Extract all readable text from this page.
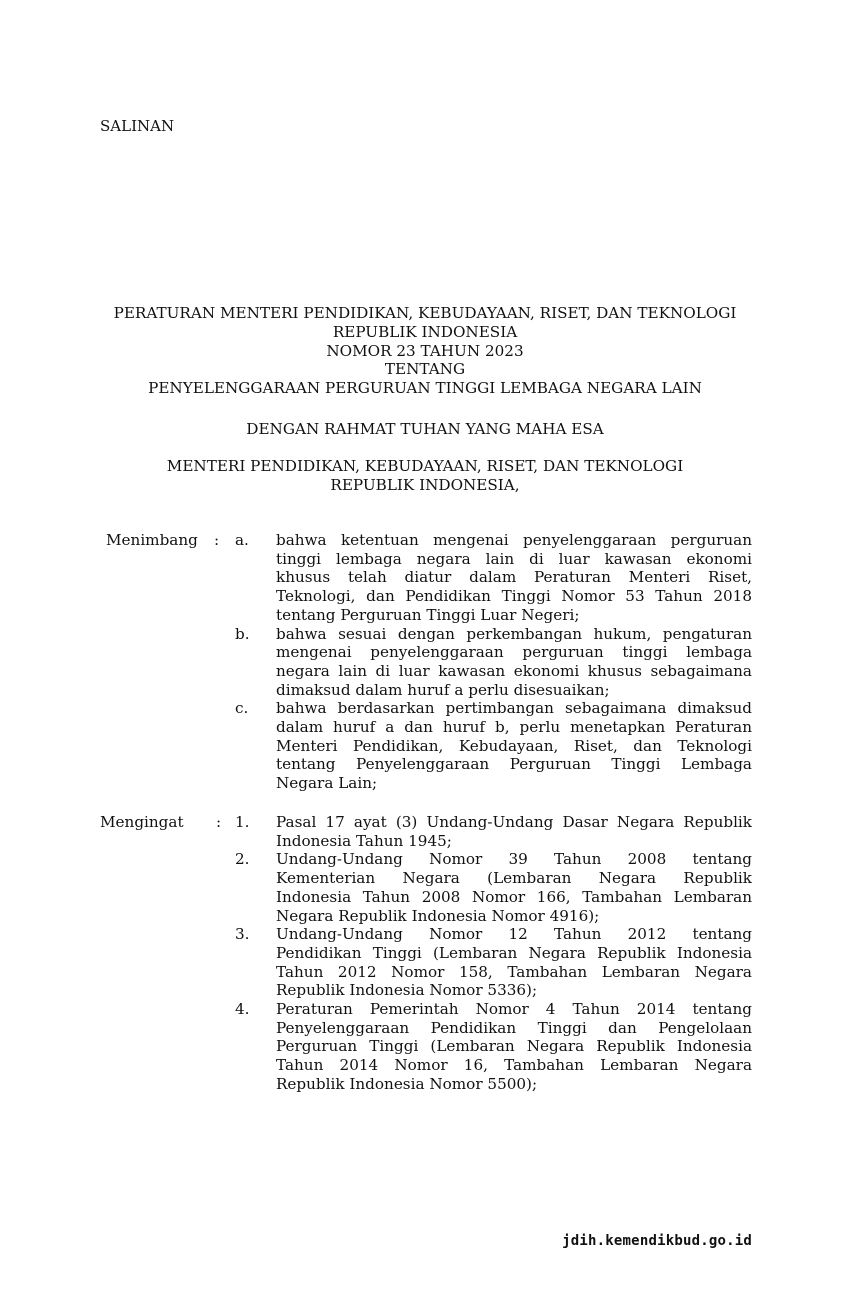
SALINAN
PERATURAN MENTERI PENDIDIKAN, KEBUDAYAAN, RISET, DAN TEKNOLOGI
REPUBLIK INDONESIA
NOMOR 23 TAHUN 2023
TENTANG
PENYELENGGARAAN PERGURUAN TINGGI LEMBAGA NEGARA LAIN
DENGAN RAHMAT TUHAN YANG MAHA ESA
MENTERI PENDIDIKAN, KEBUDAYAAN, RISET, DAN TEKNOLOGI
REPUBLIK INDONESIA,
Menimbang : a. bahwa ketentuan mengenai penyelenggaraan perguruan
tinggi lembaga negara lain di luar kawasan ekonomi
khusus telah diatur dalam Peraturan Menteri Riset,
Teknologi, dan Pendidikan Tinggi Nomor 53 Tahun 2018
tentang Perguruan Tinggi Luar Negeri;
b. bahwa sesuai dengan perkembangan hukum, pengaturan
mengenai penyelenggaraan perguruan tinggi lembaga
negara lain di luar kawasan ekonomi khusus sebagaimana
dimaksud dalam huruf a perlu disesuaikan;
c. bahwa berdasarkan pertimbangan sebagaimana dimaksud
dalam huruf a dan huruf b, perlu menetapkan Peraturan
Menteri Pendidikan, Kebudayaan, Riset, dan Teknologi
tentang Penyelenggaraan Perguruan Tinggi Lembaga
Negara Lain;
Mengingat : 1. Pasal 17 ayat (3) Undang-Undang Dasar Negara Republik
Indonesia Tahun 1945;
2. Undang-Undang Nomor 39 Tahun 2008 tentang
Kementerian Negara (Lembaran Negara Republik
Indonesia Tahun 2008 Nomor 166, Tambahan Lembaran
Negara Republik Indonesia Nomor 4916);
3. Undang-Undang Nomor 12 Tahun 2012 tentang
Pendidikan Tinggi (Lembaran Negara Republik Indonesia
Tahun 2012 Nomor 158, Tambahan Lembaran Negara
Republik Indonesia Nomor 5336);
4. Peraturan Pemerintah Nomor 4 Tahun 2014 tentang
Penyelenggaraan Pendidikan Tinggi dan Pengelolaan
Perguruan Tinggi (Lembaran Negara Republik Indonesia
Tahun 2014 Nomor 16, Tambahan Lembaran Negara
Republik Indonesia Nomor 5500);
jdih.kemendikbud.go.id
